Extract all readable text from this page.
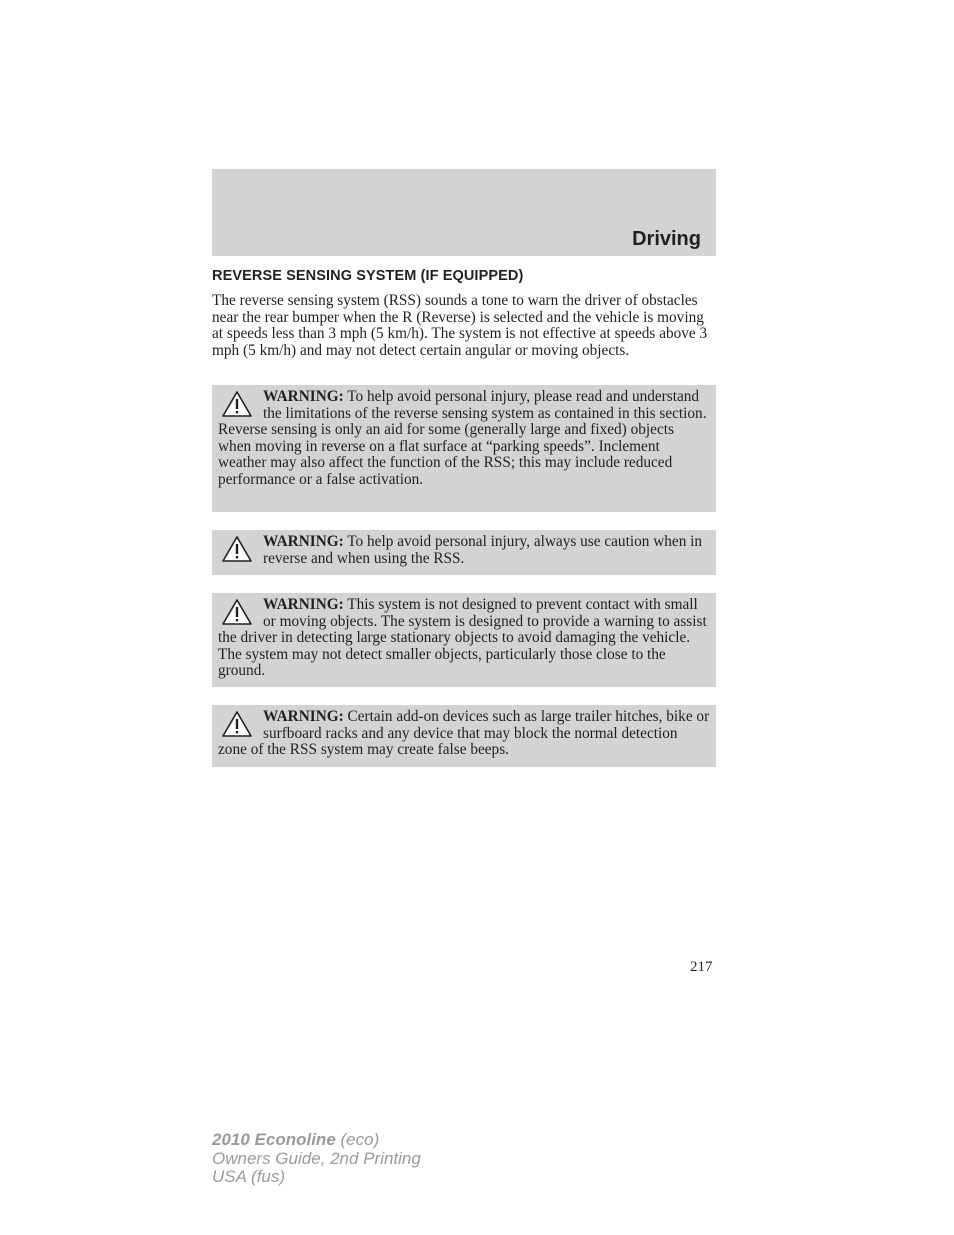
Driving
REVERSE SENSING SYSTEM (IF EQUIPPED)
The reverse sensing system (RSS) sounds a tone to warn the driver of obstacles near the rear bumper when the R (Reverse) is selected and the vehicle is moving at speeds less than 3 mph (5 km/h). The system is not effective at speeds above 3 mph (5 km/h) and may not detect certain angular or moving objects.
WARNING: To help avoid personal injury, please read and understand the limitations of the reverse sensing system as contained in this section. Reverse sensing is only an aid for some (generally large and fixed) objects when moving in reverse on a flat surface at “parking speeds”. Inclement weather may also affect the function of the RSS; this may include reduced performance or a false activation.
WARNING: To help avoid personal injury, always use caution when in reverse and when using the RSS.
WARNING: This system is not designed to prevent contact with small or moving objects. The system is designed to provide a warning to assist the driver in detecting large stationary objects to avoid damaging the vehicle. The system may not detect smaller objects, particularly those close to the ground.
WARNING: Certain add-on devices such as large trailer hitches, bike or surfboard racks and any device that may block the normal detection zone of the RSS system may create false beeps.
217
2010 Econoline (eco)
Owners Guide, 2nd Printing
USA (fus)
